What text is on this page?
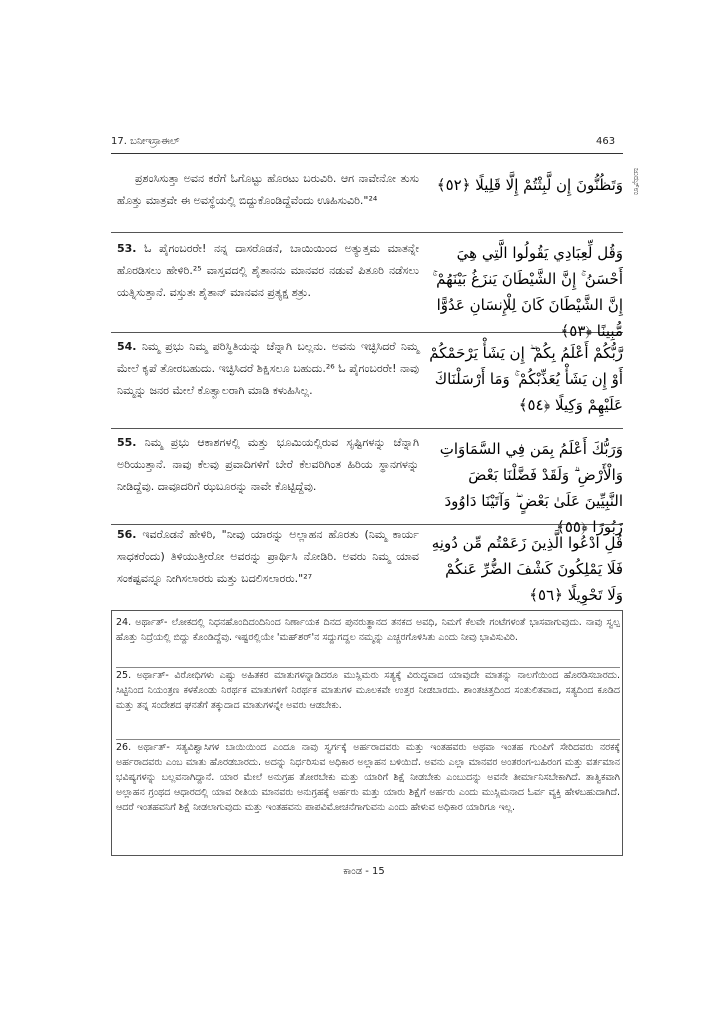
17. ಬನೀಇಸ್ರಾಈಲ್	463
ಜುಝ್ಉ
ಪ್ರಶಂಸಿಸುತ್ತಾ ಅವನ ಕರೆಗೆ ಓಗೊಟ್ಟು ಹೊರಟು ಬರುವಿರಿ. ಆಗ ನಾವೇನೋ ತುಸು ಹೊತ್ತು ಮಾತ್ರವೇ ಈ ಅವಸ್ಥೆಯಲ್ಲಿ ಬಿದ್ದುಕೊಂಡಿದ್ದೆವೆಂದು ಊಹಿಸುವಿರಿ."²⁴
وَتَظُنُّونَ إِن لَّبِثْتُمْ إِلَّا قَلِيلًا ﴿٥٢﴾
53. ಓ ಪೈಗಂಬರರೇ! ನನ್ನ ದಾಸರೊಡನೆ, ಬಾಯಿಯಿಂದ ಅತ್ಯುತ್ತಮ ಮಾತನ್ನೇ ಹೊರಡಿಸಲು ಹೇಳಿರಿ.²⁵ ವಾಸ್ತವದಲ್ಲಿ ಶೈತಾನನು ಮಾನವರ ನಡುವೆ ಪಿತೂರಿ ನಡೆಸಲು ಯತ್ನಿಸುತ್ತಾನೆ. ವಸ್ತುತಃ ಶೈತಾನ್ ಮಾನವನ ಪ್ರತ್ಯಕ್ಷ ಶತ್ರು.
وَقُل لِّعِبَادِي يَقُولُوا الَّتِي هِيَ أَحْسَنُ ۚ إِنَّ الشَّيْطَانَ يَنزَغُ بَيْنَهُمْ ۚ إِنَّ الشَّيْطَانَ كَانَ لِلْإِنسَانِ عَدُوًّا مُّبِينًا ﴿٥٣﴾
54. ನಿಮ್ಮ ಪ್ರಭು ನಿಮ್ಮ ಪರಿಸ್ಥಿತಿಯನ್ನು ಚೆನ್ನಾಗಿ ಬಲ್ಲನು. ಅವನು ಇಚ್ಛಿಸಿದರೆ ನಿಮ್ಮ ಮೇಲೆ ಕೃಪೆ ತೋರಬಹುದು. ಇಚ್ಛಿಸಿದರೆ ಶಿಕ್ಷಿಸಲೂ ಬಹುದು.²⁶ ಓ ಪೈಗಂಬರರೇ! ನಾವು ನಿಮ್ಮನ್ನು ಜನರ ಮೇಲೆ ಕೊತ್ವಾಲರಾಗಿ ಮಾಡಿ ಕಳುಹಿಸಿಲ್ಲ.
رَّبُّكُمْ أَعْلَمُ بِكُمْ ۖ إِن يَشَأْ يَرْحَمْكُمْ أَوْ إِن يَشَأْ يُعَذِّبْكُمْ ۚ وَمَا أَرْسَلْنَاكَ عَلَيْهِمْ وَكِيلًا ﴿٥٤﴾
55. ನಿಮ್ಮ ಪ್ರಭು ಆಕಾಶಗಳಲ್ಲಿ ಮತ್ತು ಭೂಮಿಯಲ್ಲಿರುವ ಸೃಷ್ಟಿಗಳನ್ನು ಚೆನ್ನಾಗಿ ಅರಿಯುತ್ತಾನೆ. ನಾವು ಕೆಲವು ಪ್ರವಾದಿಗಳಿಗೆ ಬೇರೆ ಕೆಲವರಿಗಿಂತ ಹಿರಿಯ ಸ್ಥಾನಗಳನ್ನು ನೀಡಿದ್ದೆವು. ದಾವೂದರಿಗೆ ಝಬೂರನ್ನು ನಾವೇ ಕೊಟ್ಟಿದ್ದೆವು.
وَرَبُّكَ أَعْلَمُ بِمَن فِي السَّمَاوَاتِ وَالْأَرْضِ ۗ وَلَقَدْ فَضَّلْنَا بَعْضَ النَّبِيِّينَ عَلَىٰ بَعْضٍ ۖ وَآتَيْنَا دَاوُودَ زَبُورًا ﴿٥٥﴾
56. ಇವರೊಡನೆ ಹೇಳಿರಿ, "ನೀವು ಯಾರನ್ನು ಅಲ್ಲಾಹನ ಹೊರತು (ನಿಮ್ಮ ಕಾರ್ಯ ಸಾಧಕರೆಂದು) ತಿಳಿಯುತ್ತೀರೋ ಅವರನ್ನು ಪ್ರಾರ್ಥಿಸಿ ನೋಡಿರಿ. ಅವರು ನಿಮ್ಮ ಯಾವ ಸಂಕಷ್ಟವನ್ನೂ ನೀಗಿಸಲಾರರು ಮತ್ತು ಬದಲಿಸಲಾರರು."²⁷
قُلِ ادْعُوا الَّذِينَ زَعَمْتُم مِّن دُونِهِ فَلَا يَمْلِكُونَ كَشْفَ الضُّرِّ عَنكُمْ وَلَا تَحْوِيلًا ﴿٥٦﴾
24. ಅರ್ಥಾತ್- ಲೋಕದಲ್ಲಿ ನಿಧನಹೊಂದಿದಂದಿನಿಂದ ನಿರ್ಣಾಯಕ ದಿನದ ಪುನರುತ್ಥಾನದ ತನಕದ ಅವಧಿ, ನಿಮಗೆ ಕೆಲವೇ ಗಂಟೆಗಳಂತೆ ಭಾಸವಾಗುವುದು. ನಾವು ಸ್ವಲ್ಪ ಹೊತ್ತು ನಿದ್ರೆಯಲ್ಲಿ ಬಿದ್ದು ಕೊಂಡಿದ್ದೆವು. ಇಷ್ಟರಲ್ಲಿಯೇ 'ಮಹ್‌ಶರ್'ನ ಸದ್ದುಗದ್ದಲ ನಮ್ಮನ್ನು ಎಚ್ಚರಗೊಳಿಸಿತು ಎಂದು ನೀವು ಭಾವಿಸುವಿರಿ.
25. ಅರ್ಥಾತ್- ವಿರೋಧಿಗಳು ಎಷ್ಟು ಅಹಿತಕರ ಮಾತುಗಳನ್ನಾಡಿದರೂ ಮುಸ್ಲಿಮರು ಸತ್ಯಕ್ಕೆ ವಿರುದ್ಧವಾದ ಯಾವುದೇ ಮಾತನ್ನು ನಾಲಗೆಯಿಂದ ಹೊರಡಿಸಬಾರದು. ಸಿಟ್ಟಿನಿಂದ ನಿಯಂತ್ರಣ ಕಳಕೊಂಡು ನಿರರ್ಥಕ ಮಾತುಗಳಿಗೆ ನಿರರ್ಥಕ ಮಾತುಗಳ ಮೂಲಕವೇ ಉತ್ತರ ನೀಡಬಾರದು. ಶಾಂತಚಿತ್ತದಿಂದ ಸಂತುಲಿತವಾದ, ಸತ್ಯದಿಂದ ಕೂಡಿದ ಮತ್ತು ತನ್ನ ಸಂದೇಶದ ಘನತೆಗೆ ತಕ್ಕುದಾದ ಮಾತುಗಳನ್ನೇ ಅವರು ಆಡಬೇಕು.
26. ಅರ್ಥಾತ್- ಸತ್ಯವಿಶ್ವಾಸಿಗಳ ಬಾಯಿಯಿಂದ ಎಂದೂ ನಾವು ಸ್ವರ್ಗಕ್ಕೆ ಅರ್ಹರಾದವರು ಮತ್ತು ಇಂತಹವರು ಅಥವಾ ಇಂತಹ ಗುಂಪಿಗೆ ಸೇರಿದವರು ನರಕಕ್ಕೆ ಅರ್ಹರಾದವರು ಎಂಬ ಮಾತು ಹೊರಡಬಾರದು. ಅದನ್ನು ನಿರ್ಧರಿಸುವ ಅಧಿಕಾರ ಅಲ್ಲಾಹನ ಬಳಿಯಿದೆ. ಅವನು ಎಲ್ಲಾ ಮಾನವರ ಅಂತರಂಗ-ಬಹಿರಂಗ ಮತ್ತು ವರ್ತಮಾನ ಭವಿಷ್ಯಗಳನ್ನು ಬಲ್ಲವನಾಗಿದ್ದಾನೆ. ಯಾರ ಮೇಲೆ ಅನುಗ್ರಹ ತೋರಬೇಕು ಮತ್ತು ಯಾರಿಗೆ ಶಿಕ್ಷೆ ನೀಡಬೇಕು ಎಂಬುದನ್ನು ಅವನೇ ತೀರ್ಮಾನಿಸಬೇಕಾಗಿದೆ. ತಾತ್ವಿಕವಾಗಿ ಅಲ್ಲಾಹನ ಗ್ರಂಥದ ಆಧಾರದಲ್ಲಿ ಯಾವ ರೀತಿಯ ಮಾನವರು ಅನುಗ್ರಹಕ್ಕೆ ಅರ್ಹರು ಮತ್ತು ಯಾರು ಶಿಕ್ಷೆಗೆ ಅರ್ಹರು ಎಂದು ಮುಸ್ಲಿಮನಾದ ಓರ್ವ ವ್ಯಕ್ತಿ ಹೇಳಬಹುದಾಗಿದೆ. ಆದರೆ ಇಂತಹವನಿಗೆ ಶಿಕ್ಷೆ ನೀಡಲಾಗುವುದು ಮತ್ತು ಇಂತಹವನು ಪಾಪವಿಮೋಚನೆಗಾಗುವನು ಎಂದು ಹೇಳುವ ಅಧಿಕಾರ ಯಾರಿಗೂ ಇಲ್ಲ.
ಕಾಂಡ - 15
